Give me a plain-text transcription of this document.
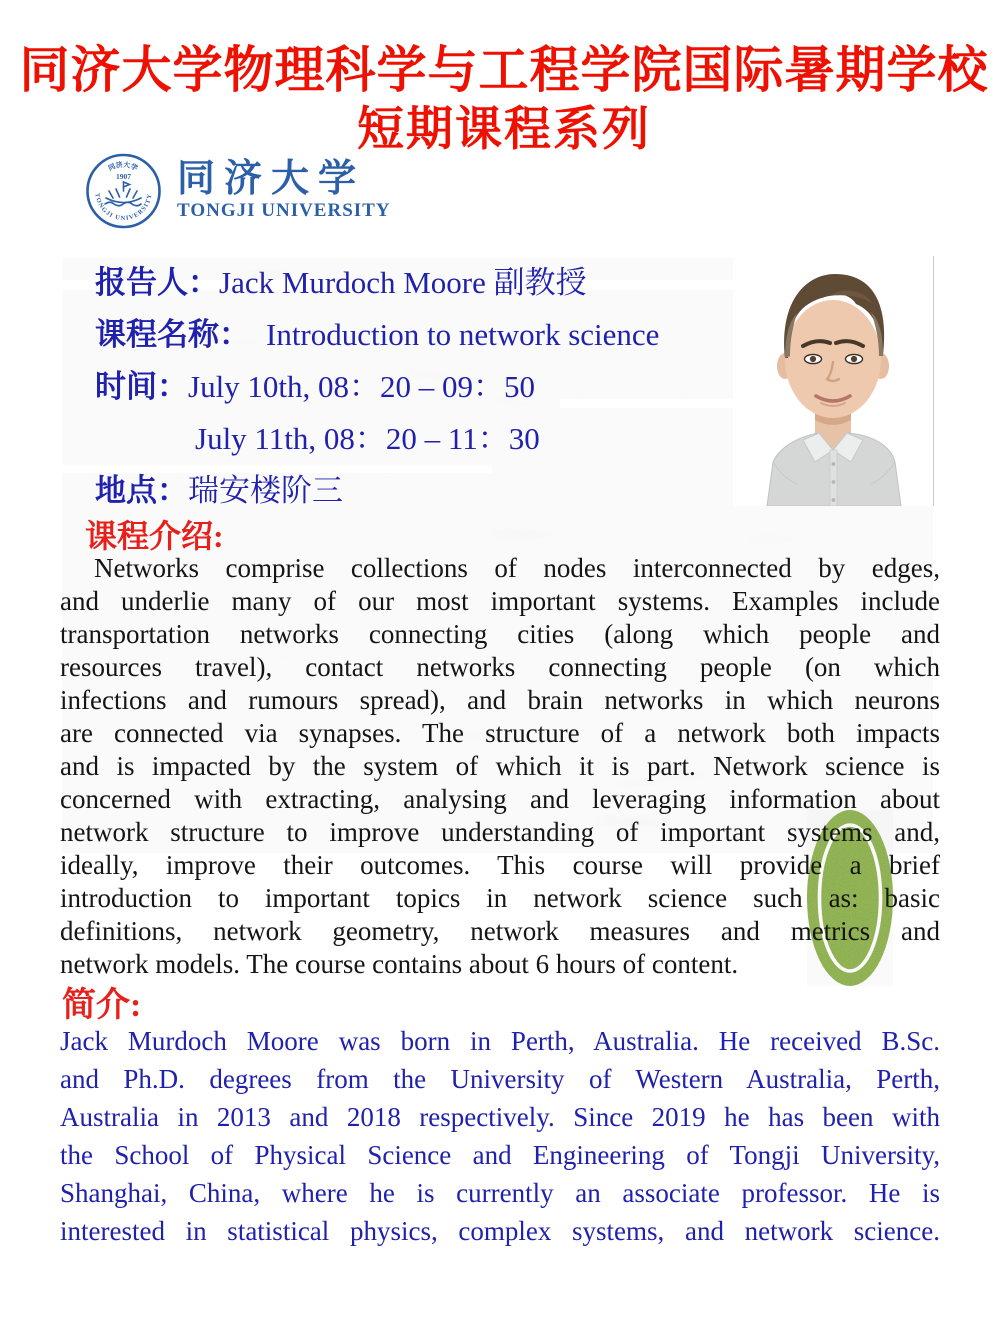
同济大学物理科学与工程学院国际暑期学校
短期课程系列
同济大学
1907
TONGJI UNIVERSITY 同济大学
TONGJI UNIVERSITY
报告人： Jack Murdoch Moore 副教授
课程名称： Introduction to network science
时间： July 10th, 08：20 – 09：50
July 11th, 08：20 – 11：30
地点： 瑞安楼阶三
课程介绍:
Networks comprise collections of nodes interconnected by edges,
and underlie many of our most important systems. Examples include
transportation networks connecting cities (along which people and
resources travel), contact networks connecting people (on which
infections and rumours spread), and brain networks in which neurons
are connected via synapses. The structure of a network both impacts
and is impacted by the system of which it is part. Network science is
concerned with extracting, analysing and leveraging information about
network structure to improve understanding of important systems and,
ideally, improve their outcomes. This course will provide a brief
introduction to important topics in network science such as: basic
definitions, network geometry, network measures and metrics and
network models. The course contains about 6 hours of content.
简介:
Jack Murdoch Moore was born in Perth, Australia. He received B.Sc.
and Ph.D. degrees from the University of Western Australia, Perth,
Australia in 2013 and 2018 respectively. Since 2019 he has been with
the School of Physical Science and Engineering of Tongji University,
Shanghai, China, where he is currently an associate professor. He is
interested in statistical physics, complex systems, and network science.
